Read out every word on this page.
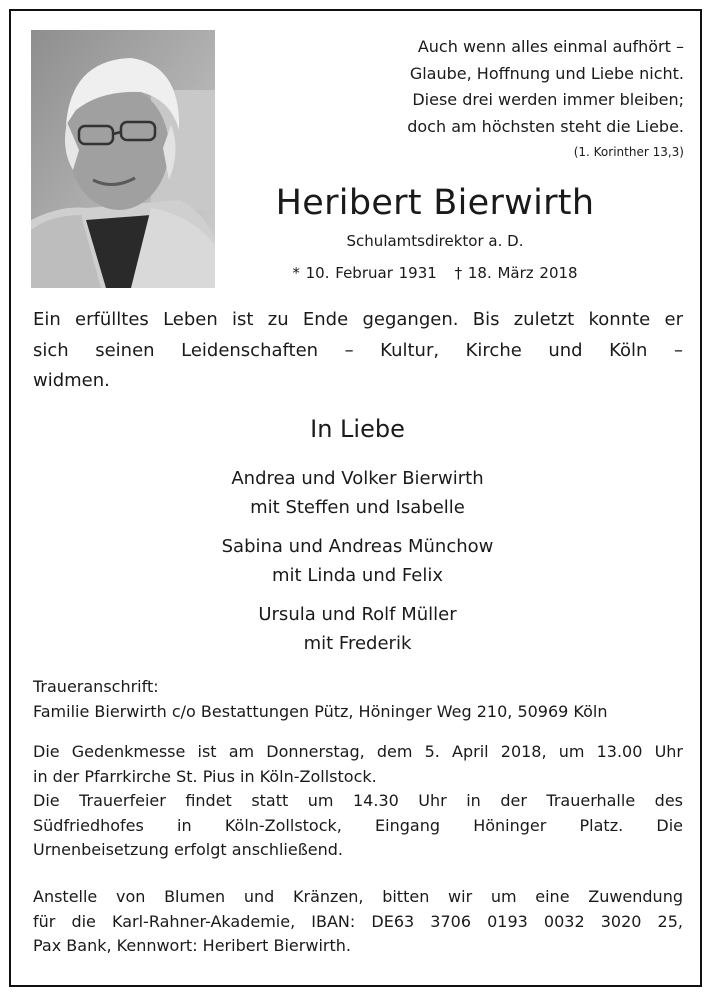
Auch wenn alles einmal aufhört –
Glaube, Hoffnung und Liebe nicht.
Diese drei werden immer bleiben;
doch am höchsten steht die Liebe.
(1. Korinther 13,3)
Heribert Bierwirth
Schulamtsdirektor a. D.
* 10. Februar 1931 † 18. März 2018
Ein erfülltes Leben ist zu Ende gegangen. Bis zuletzt konnte er
sich seinen Leidenschaften – Kultur, Kirche und Köln –
widmen.
In Liebe
Andrea und Volker Bierwirth
mit Steffen und Isabelle
Sabina und Andreas Münchow
mit Linda und Felix
Ursula und Rolf Müller
mit Frederik
Traueranschrift:
Familie Bierwirth c/o Bestattungen Pütz, Höninger Weg 210, 50969 Köln
Die Gedenkmesse ist am Donnerstag, dem 5. April 2018, um 13.00 Uhr
in der Pfarrkirche St. Pius in Köln-Zollstock.
Die Trauerfeier findet statt um 14.30 Uhr in der Trauerhalle des
Südfriedhofes in Köln-Zollstock, Eingang Höninger Platz. Die
Urnenbeisetzung erfolgt anschließend.
Anstelle von Blumen und Kränzen, bitten wir um eine Zuwendung
für die Karl-Rahner-Akademie, IBAN: DE63 3706 0193 0032 3020 25,
Pax Bank, Kennwort: Heribert Bierwirth.
